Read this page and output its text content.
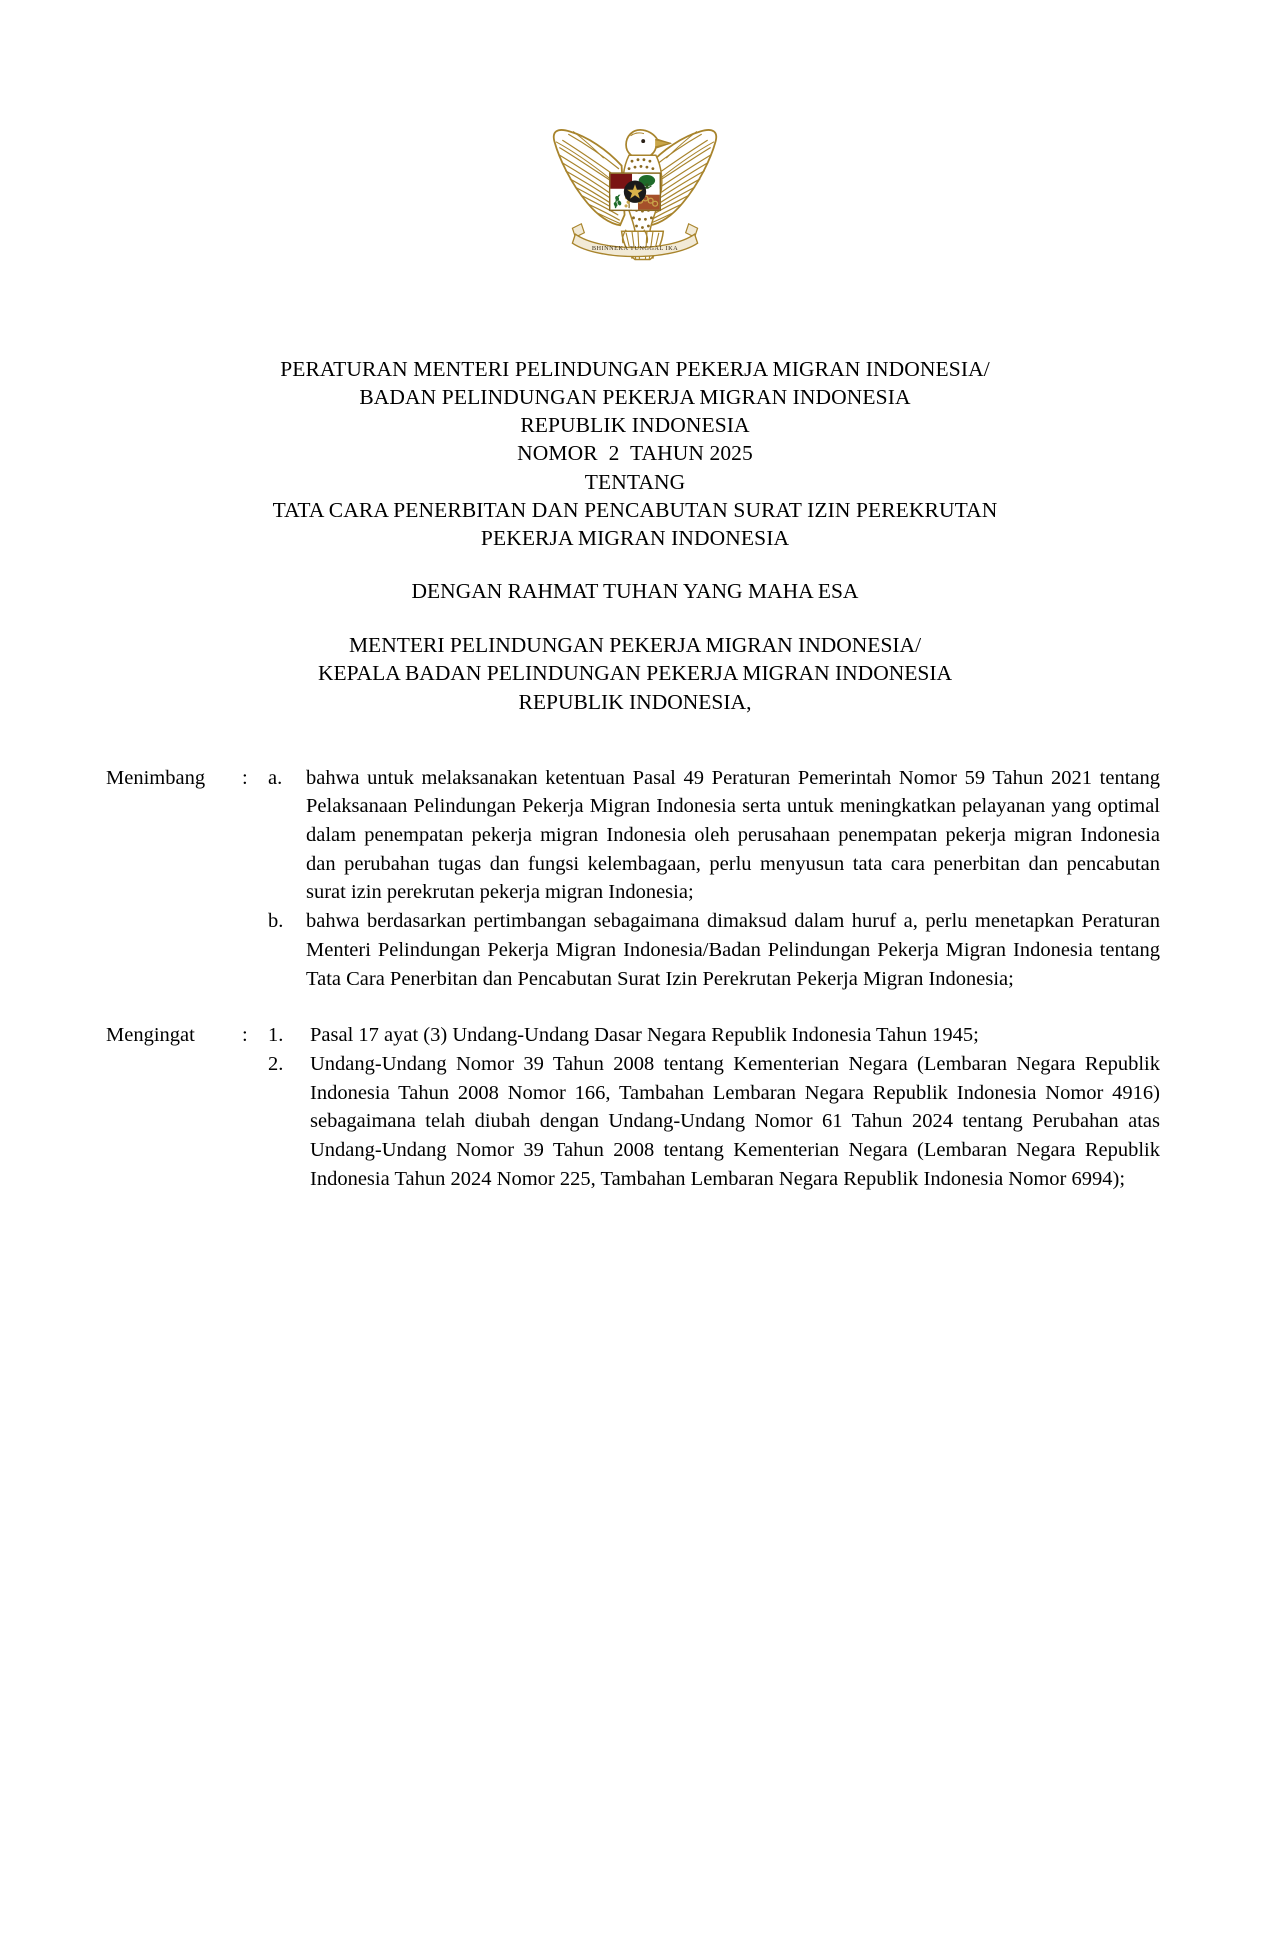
BHINNEKA TUNGGAL IKA
PERATURAN MENTERI PELINDUNGAN PEKERJA MIGRAN INDONESIA/
BADAN PELINDUNGAN PEKERJA MIGRAN INDONESIA
REPUBLIK INDONESIA
NOMOR  2  TAHUN 2025
TENTANG
TATA CARA PENERBITAN DAN PENCABUTAN SURAT IZIN PEREKRUTAN
PEKERJA MIGRAN INDONESIA
DENGAN RAHMAT TUHAN YANG MAHA ESA
MENTERI PELINDUNGAN PEKERJA MIGRAN INDONESIA/
KEPALA BADAN PELINDUNGAN PEKERJA MIGRAN INDONESIA
REPUBLIK INDONESIA,
Menimbang	: a.	bahwa untuk melaksanakan ketentuan Pasal 49 Peraturan Pemerintah Nomor 59 Tahun 2021 tentang Pelaksanaan Pelindungan Pekerja Migran Indonesia serta untuk meningkatkan pelayanan yang optimal dalam penempatan pekerja migran Indonesia oleh perusahaan penempatan pekerja migran Indonesia dan perubahan tugas dan fungsi kelembagaan, perlu menyusun tata cara penerbitan dan pencabutan surat izin perekrutan pekerja migran Indonesia;
b.	bahwa berdasarkan pertimbangan sebagaimana dimaksud dalam huruf a, perlu menetapkan Peraturan Menteri Pelindungan Pekerja Migran Indonesia/Badan Pelindungan Pekerja Migran Indonesia tentang Tata Cara Penerbitan dan Pencabutan Surat Izin Perekrutan Pekerja Migran Indonesia;
Mengingat	: 1.	Pasal 17 ayat (3) Undang-Undang Dasar Negara Republik Indonesia Tahun 1945;
2.	Undang-Undang Nomor 39 Tahun 2008 tentang Kementerian Negara (Lembaran Negara Republik Indonesia Tahun 2008 Nomor 166, Tambahan Lembaran Negara Republik Indonesia Nomor 4916) sebagaimana telah diubah dengan Undang-Undang Nomor 61 Tahun 2024 tentang Perubahan atas Undang-Undang Nomor 39 Tahun 2008 tentang Kementerian Negara (Lembaran Negara Republik Indonesia Tahun 2024 Nomor 225, Tambahan Lembaran Negara Republik Indonesia Nomor 6994);
